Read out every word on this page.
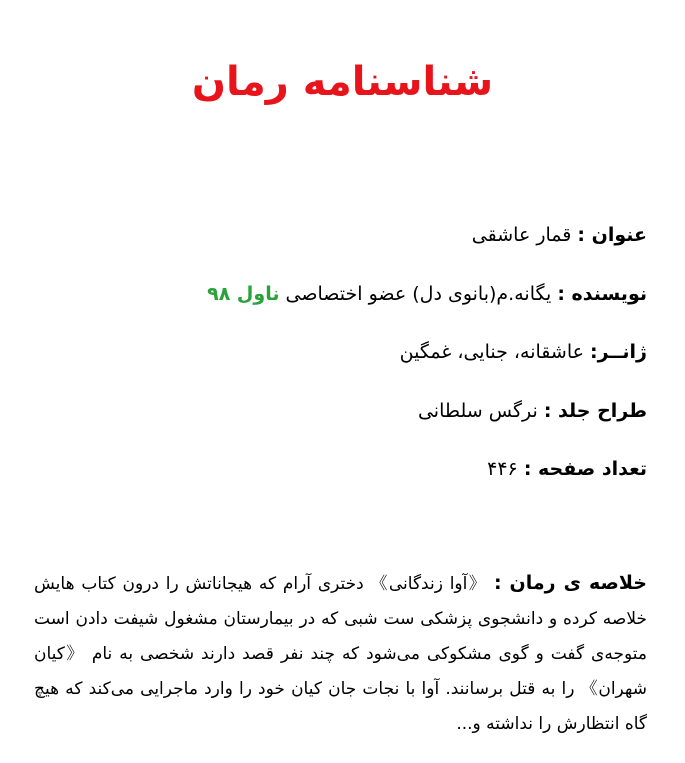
شناسنامه رمان
عنوان : قمار عاشقی
نویسنده : یگانه.م(بانوی دل) عضو اختصاصی ناول ۹۸
ژانــر: عاشقانه، جنایی، غمگین
طراح جلد : نرگس سلطانی
تعداد صفحه : ۴۴۶
خلاصه ی رمان : 《آوا زندگانی》 دختری آرام که هیجاناتش را درون کتاب هایش خلاصه کرده و دانشجوی پزشکی ست شبی که در بیمارستان مشغول شیفت دادن است متوجه‌ی گفت و گوی مشکوکی می‌شود که چند نفر قصد دارند شخصی به نام 《کیان شهران》 را به قتل برسانند. آوا با نجات جان کیان خود را وارد ماجرایی می‌کند که هیچ گاه انتظارش را نداشته و...
